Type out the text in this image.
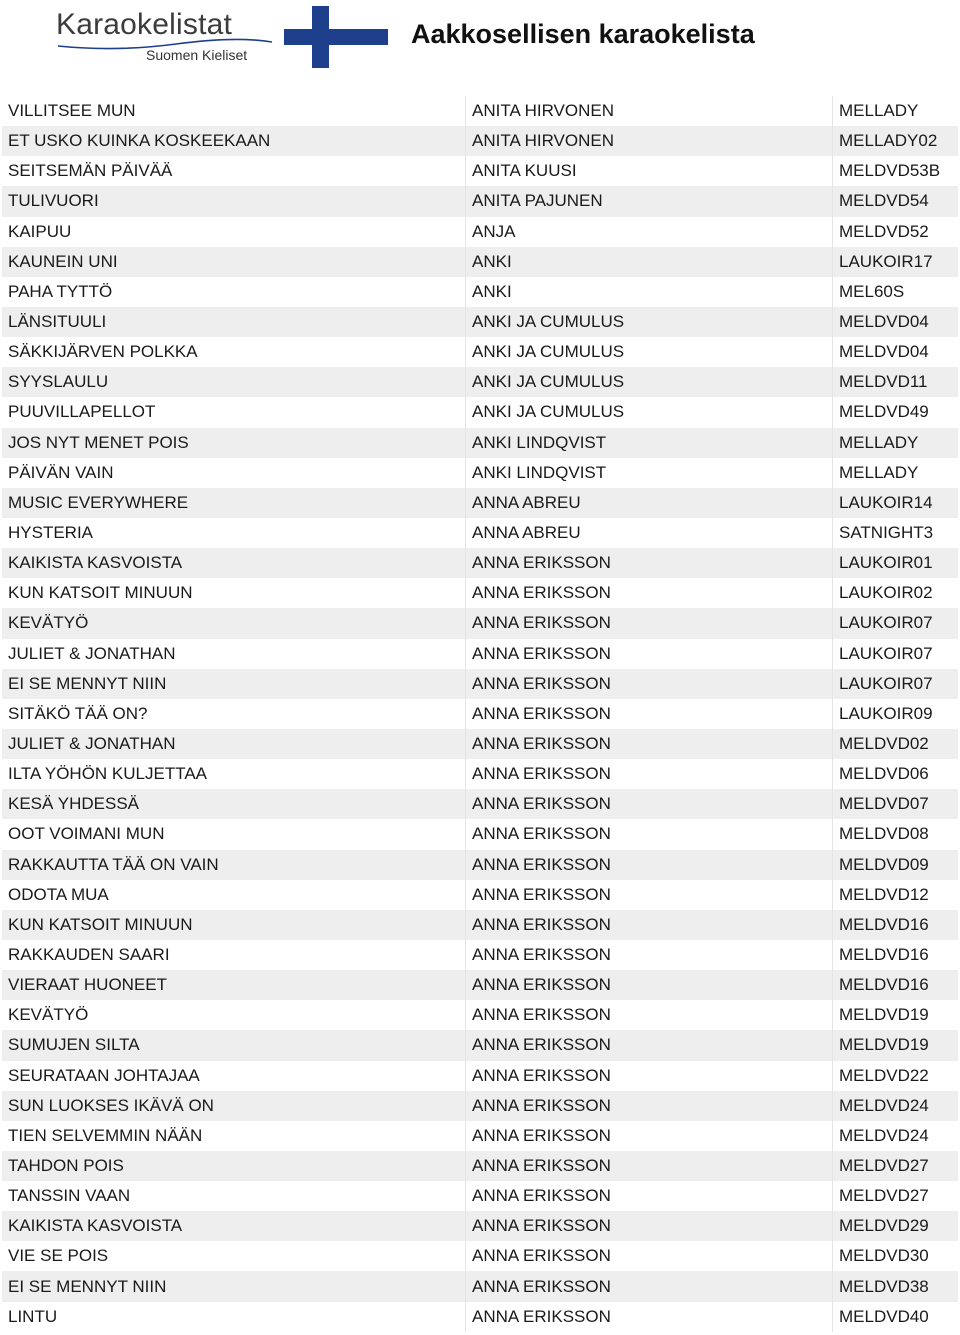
Karaokelistat
Suomen Kieliset
Aakkosellisen karaokelista
VILLITSEE MUN	ANITA HIRVONEN	MELLADY
ET USKO KUINKA KOSKEEKAAN	ANITA HIRVONEN	MELLADY02
SEITSEMÄN PÄIVÄÄ	ANITA KUUSI	MELDVD53B
TULIVUORI	ANITA PAJUNEN	MELDVD54
KAIPUU	ANJA	MELDVD52
KAUNEIN UNI	ANKI	LAUKOIR17
PAHA TYTTÖ	ANKI	MEL60S
LÄNSITUULI	ANKI JA CUMULUS	MELDVD04
SÄKKIJÄRVEN POLKKA	ANKI JA CUMULUS	MELDVD04
SYYSLAULU	ANKI JA CUMULUS	MELDVD11
PUUVILLAPELLOT	ANKI JA CUMULUS	MELDVD49
JOS NYT MENET POIS	ANKI LINDQVIST	MELLADY
PÄIVÄN VAIN	ANKI LINDQVIST	MELLADY
MUSIC EVERYWHERE	ANNA ABREU	LAUKOIR14
HYSTERIA	ANNA ABREU	SATNIGHT3
KAIKISTA KASVOISTA	ANNA ERIKSSON	LAUKOIR01
KUN KATSOIT MINUUN	ANNA ERIKSSON	LAUKOIR02
KEVÄTYÖ	ANNA ERIKSSON	LAUKOIR07
JULIET & JONATHAN	ANNA ERIKSSON	LAUKOIR07
EI SE MENNYT NIIN	ANNA ERIKSSON	LAUKOIR07
SITÄKÖ TÄÄ ON?	ANNA ERIKSSON	LAUKOIR09
JULIET & JONATHAN	ANNA ERIKSSON	MELDVD02
ILTA YÖHÖN KULJETTAA	ANNA ERIKSSON	MELDVD06
KESÄ YHDESSÄ	ANNA ERIKSSON	MELDVD07
OOT VOIMANI MUN	ANNA ERIKSSON	MELDVD08
RAKKAUTTA TÄÄ ON VAIN	ANNA ERIKSSON	MELDVD09
ODOTA MUA	ANNA ERIKSSON	MELDVD12
KUN KATSOIT MINUUN	ANNA ERIKSSON	MELDVD16
RAKKAUDEN SAARI	ANNA ERIKSSON	MELDVD16
VIERAAT HUONEET	ANNA ERIKSSON	MELDVD16
KEVÄTYÖ	ANNA ERIKSSON	MELDVD19
SUMUJEN SILTA	ANNA ERIKSSON	MELDVD19
SEURATAAN JOHTAJAA	ANNA ERIKSSON	MELDVD22
SUN LUOKSES IKÄVÄ ON	ANNA ERIKSSON	MELDVD24
TIEN SELVEMMIN NÄÄN	ANNA ERIKSSON	MELDVD24
TAHDON POIS	ANNA ERIKSSON	MELDVD27
TANSSIN VAAN	ANNA ERIKSSON	MELDVD27
KAIKISTA KASVOISTA	ANNA ERIKSSON	MELDVD29
VIE SE POIS	ANNA ERIKSSON	MELDVD30
EI SE MENNYT NIIN	ANNA ERIKSSON	MELDVD38
LINTU	ANNA ERIKSSON	MELDVD40
